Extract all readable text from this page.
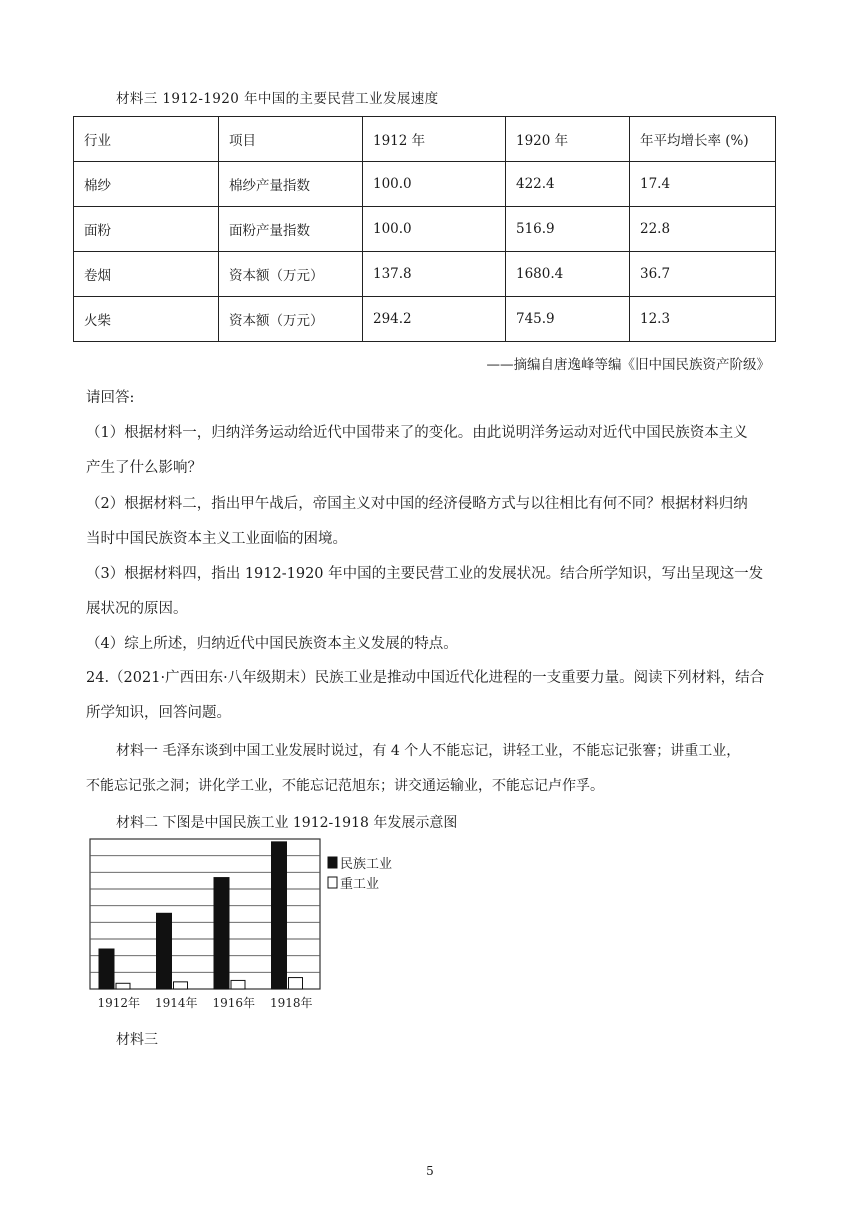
材料三 1912-1920 年中国的主要民营工业发展速度
行业	项目	1912 年	1920 年	年平均增长率 (%)
棉纱	棉纱产量指数	100.0	422.4	17.4
面粉	面粉产量指数	100.0	516.9	22.8
卷烟	资本额（万元）	137.8	1680.4	36.7
火柴	资本额（万元）	294.2	745.9	12.3
——摘编自唐逸峰等编《旧中国民族资产阶级》
请回答:
（1）根据材料一，归纳洋务运动给近代中国带来了的变化。由此说明洋务运动对近代中国民族资本主义
产生了什么影响？
（2）根据材料二，指出甲午战后，帝国主义对中国的经济侵略方式与以往相比有何不同？根据材料归纳
当时中国民族资本主义工业面临的困境。
（3）根据材料四，指出 1912-1920 年中国的主要民营工业的发展状况。结合所学知识，写出呈现这一发
展状况的原因。
（4）综上所述，归纳近代中国民族资本主义发展的特点。
24.（2021·广西田东·八年级期末）民族工业是推动中国近代化进程的一支重要力量。阅读下列材料，结合
所学知识，回答问题。
材料一 毛泽东谈到中国工业发展时说过，有 4 个人不能忘记，讲轻工业，不能忘记张謇；讲重工业，
不能忘记张之洞；讲化学工业，不能忘记范旭东；讲交通运输业，不能忘记卢作孚。
材料二 下图是中国民族工业 1912-1918 年发展示意图
1912年 1914年 1916年 1918年
民族工业
重工业
材料三
5
